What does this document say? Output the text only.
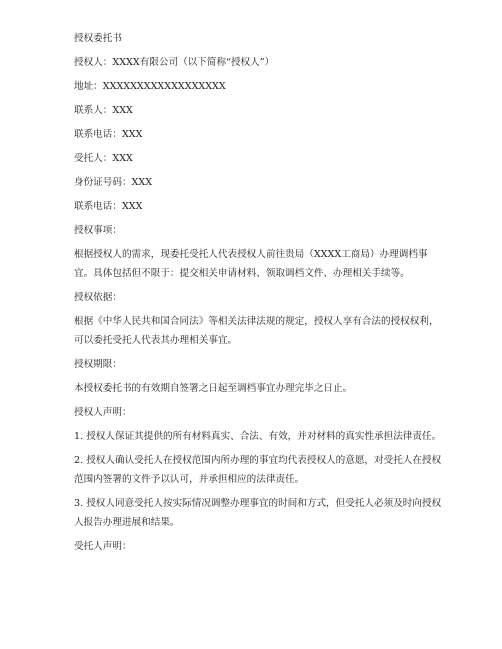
授权委托书

授权人：XXXX有限公司（以下简称“授权人”）

地址：XXXXXXXXXXXXXXXXXX

联系人：XXX

联系电话：XXX

受托人：XXX

身份证号码：XXX

联系电话：XXX

授权事项：

根据授权人的需求，现委托受托人代表授权人前往贵局（XXXX工商局）办理调档事宜。具体包括但不限于：提交相关申请材料、领取调档文件、办理相关手续等。

授权依据：

根据《中华人民共和国合同法》等相关法律法规的规定，授权人享有合法的授权权利，可以委托受托人代表其办理相关事宜。

授权期限：

本授权委托书的有效期自签署之日起至调档事宜办理完毕之日止。

授权人声明：

1. 授权人保证其提供的所有材料真实、合法、有效，并对材料的真实性承担法律责任。

2. 授权人确认受托人在授权范围内所办理的事宜均代表授权人的意愿，对受托人在授权范围内签署的文件予以认可，并承担相应的法律责任。

3. 授权人同意受托人按实际情况调整办理事宜的时间和方式，但受托人必须及时向授权人报告办理进展和结果。

受托人声明：
